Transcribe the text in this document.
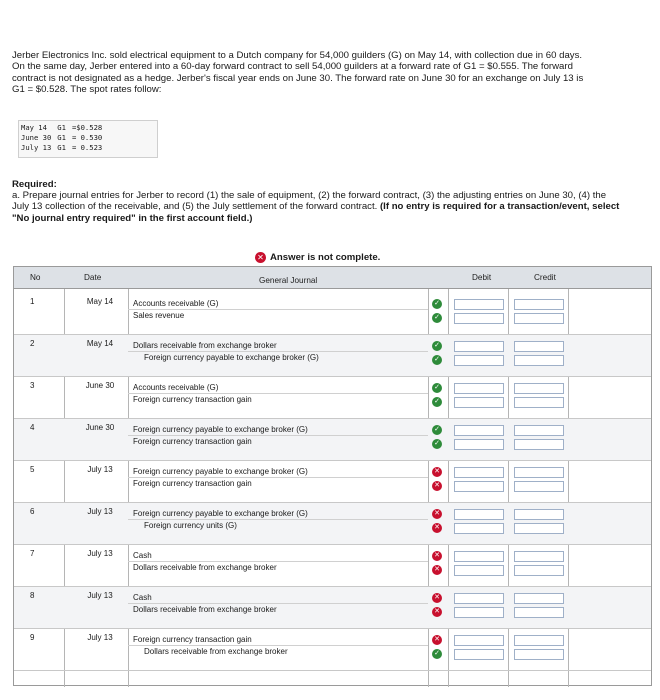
Jerber Electronics Inc. sold electrical equipment to a Dutch company for 54,000 guilders (G) on May 14, with collection due in 60 days.
On the same day, Jerber entered into a 60-day forward contract to sell 54,000 guilders at a forward rate of G1 = $0.555. The forward
contract is not designated as a hedge. Jerber's fiscal year ends on June 30. The forward rate on June 30 for an exchange on July 13 is
G1 = $0.528. The spot rates follow:
May 14	G1	=$0.528
June 30	G1	= 0.530
July 13	G1	= 0.523
Required:
a. Prepare journal entries for Jerber to record (1) the sale of equipment, (2) the forward contract, (3) the adjusting entries on June 30, (4) the July 13 collection of the receivable, and (5) the July settlement of the forward contract. (If no entry is required for a transaction/event, select "No journal entry required" in the first account field.)
✕ Answer is not complete.
No	Date	General Journal	Debit	Credit
1	May 14	Accounts receivable (G)
Sales revenue
✓
✓
2	May 14	Dollars receivable from exchange broker
Foreign currency payable to exchange broker (G)
✓
✓
3	June 30	Accounts receivable (G)
Foreign currency transaction gain
✓
✓
4	June 30	Foreign currency payable to exchange broker (G)
Foreign currency transaction gain
✓
✓
5	July 13	Foreign currency payable to exchange broker (G)
Foreign currency transaction gain
✕
✕
6	July 13	Foreign currency payable to exchange broker (G)
Foreign currency units (G)
✕
✕
7	July 13	Cash
Dollars receivable from exchange broker
✕
✕
8	July 13	Cash
Dollars receivable from exchange broker
✕
✕
9	July 13	Foreign currency transaction gain
Dollars receivable from exchange broker
✕
✓
